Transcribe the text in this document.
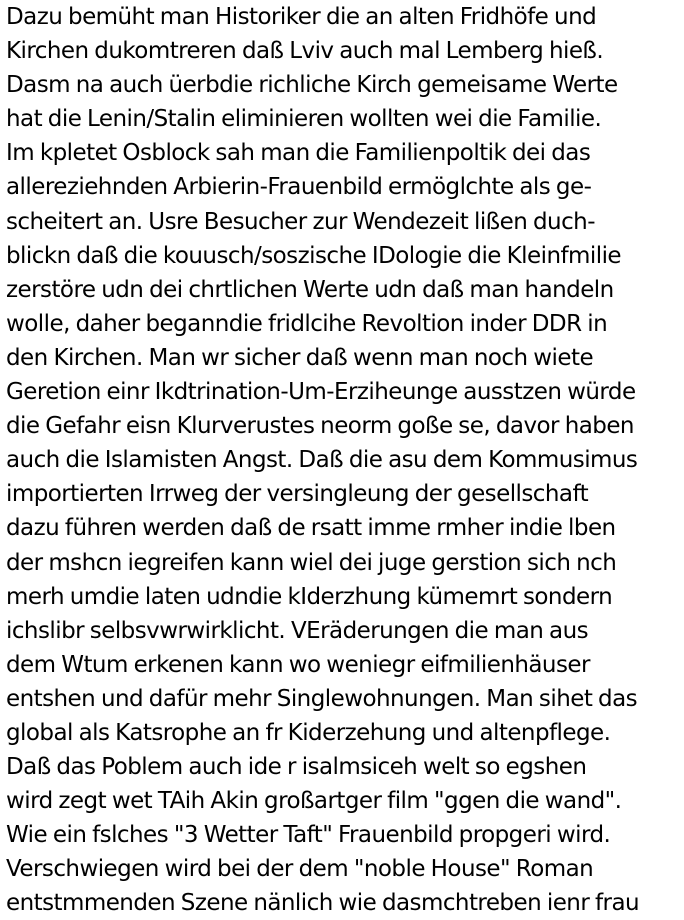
Dazu bemüht man Historiker die an alten Fridhöfe und
Kirchen dukomtreren daß Lviv auch mal Lemberg hieß.
Dasm na auch üerbdie richliche Kirch gemeisame Werte
hat die Lenin/Stalin eliminieren wollten wei die Familie.
Im kpletet Osblock sah man die Familienpoltik dei das
allereziehnden Arbierin-Frauenbild ermöglchte als ge-
scheitert an. Usre Besucher zur Wendezeit lißen duch-
blickn daß die kouusch/soszische IDologie die Kleinfmilie
zerstöre udn dei chrtlichen Werte udn daß man handeln
wolle, daher beganndie fridlcihe Revoltion inder DDR in
den Kirchen. Man wr sicher daß wenn man noch wiete
Geretion einr Ikdtrination-Um-Erziheunge ausstzen würde
die Gefahr eisn Klurverustes neorm goße se, davor haben
auch die Islamisten Angst. Daß die asu dem Kommusimus
importierten Irrweg der versingleung der gesellschaft
dazu führen werden daß de rsatt imme rmher indie lben
der mshcn iegreifen kann wiel dei juge gerstion sich nch
merh umdie laten udndie kIderzhung kümemrt sondern
ichslibr selbsvwrwirklicht. VEräderungen die man aus
dem Wtum erkenen kann wo weniegr eifmilienhäuser
entshen und dafür mehr Singlewohnungen. Man sihet das
global als Katsrophe an fr Kiderzehung und altenpflege.
Daß das Poblem auch ide r isalmsiceh welt so egshen
wird zegt wet TAih Akin großartger film "ggen die wand".
Wie ein fslches "3 Wetter Taft" Frauenbild propgeri wird.
Verschwiegen wird bei der dem "noble House" Roman
entstmmenden Szene nänlich wie dasmchtreben ienr frau
